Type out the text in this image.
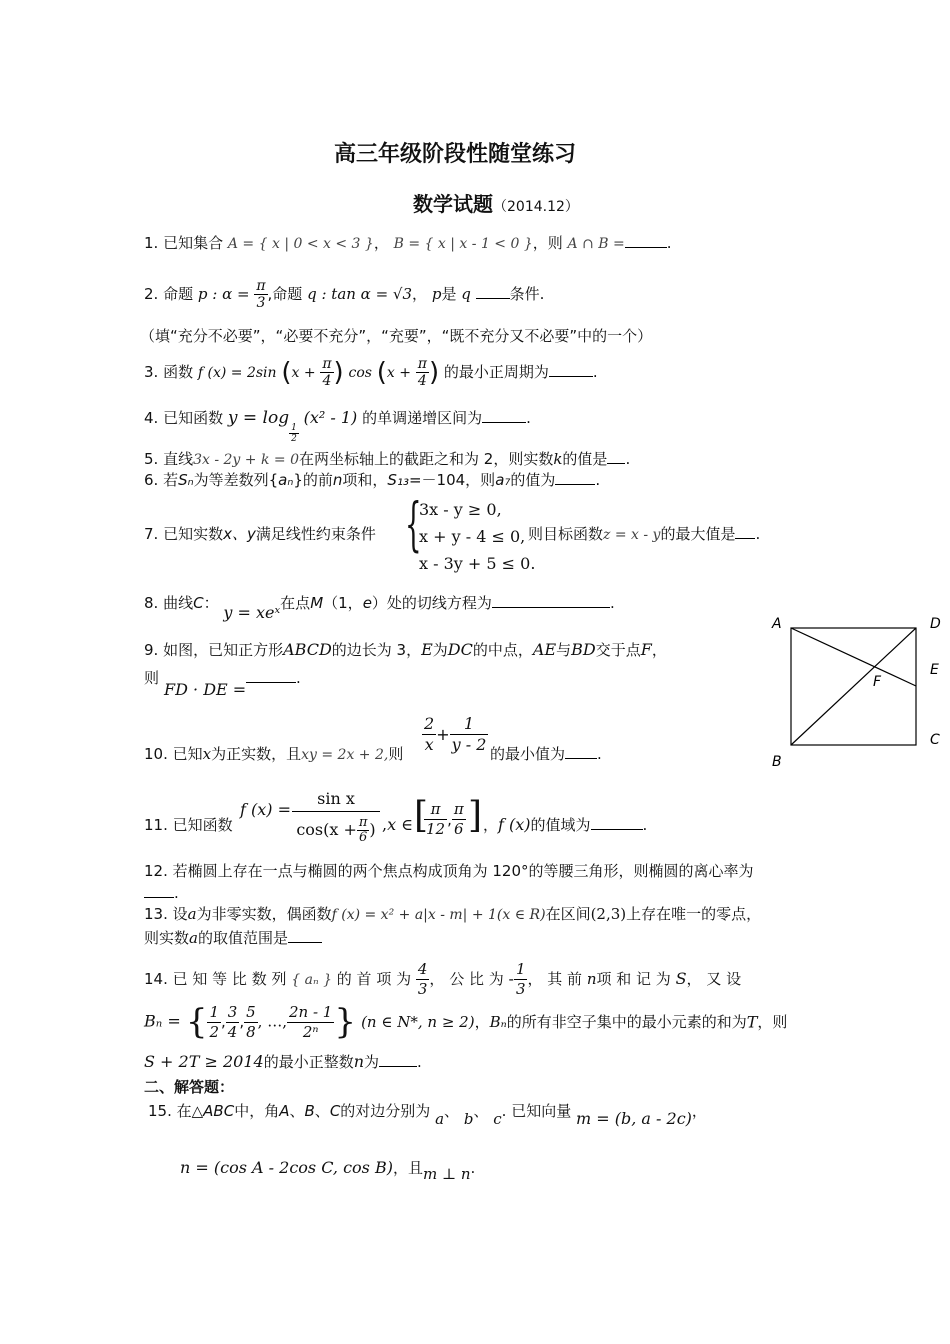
高三年级阶段性随堂练习
数学试题（2014.12）
1. 已知集合 A = { x | 0 < x < 3 }， B = { x | x - 1 < 0 }，则 A ∩ B =	.
2. 命题 p : $\alpha = \frac{\pi}{3}$ ,命题 q : tan α = √3， p是 q	条件.
（填“充分不必要”，“必要不充分”，“充要”，“既不充分又不必要”中的一个）
3. 函数 f (x) = 2sin ($x + \frac{\pi}{4}$ ) $\cos (x + \frac{\pi}{4}$ ) 的最小正周期为	.
4. 已知函数 y = log
$\frac{1}{2}$
(x² - 1) 的单调递增区间为	.
5. 直线3x - 2y + k = 0在两坐标轴上的截距之和为 2，则实数k的值是 .
6. 若Sₙ为等差数列{aₙ}的前n项和，S₁₃=－104，则a₇的值为	.
7. 已知实数x、y满足线性约束条件 {
3x - y ≥ 0,
x + y - 4 ≤ 0,
x - 3y + 5 ≤ 0.
则目标函数z = x - y的最大值是 .
8. 曲线C： y = xeˣ在点M（1，e）处的切线方程为	.
9. 如图，已知正方形ABCD的边长为 3，E为DC的中点，AE与BD交于点F，
则
FD · DE =
.
A	D
E
F
C
B
10. 已知x为正实数，且xy = 2x + 2,则 $\frac{2}{x} + \frac{1}{y - 2}$ 的最小值为 .
11. 已知函数
f $(x) = \frac{\text{sin x}}{\cos(x + \frac{\pi}{6} )} ,x$ ∈ [
$\frac{\pi}{12}$ , $\frac{\pi}{6}$ ] ，f (x)的值域为	.
12. 若椭圆上存在一点与椭圆的两个焦点构成顶角为 120°的等腰三角形，则椭圆的离心率为
.
13. 设a为非零实数，偶函数f (x) = x² + a|x - m| + 1(x ∈ R)在区间(2,3)上存在唯一的零点，
则实数a的取值范围是
14. 已 知 等 比 数 列 { aₙ } 的 首 项 为 $\frac{4}{3}$ ， 公 比 为 - $\frac{1}{3}$ ， 其 前 n项 和 记 为 S， 又 设
Bₙ = { $\frac{1}{2}$ , $\frac{3}{4}$ , $\frac{5}{8}$ , …, $\frac{2n - 1}{\text{2ⁿ}}$ } (n ∈ N*, n ≥ 2)，Bₙ的所有非空子集中的最小元素的和为T，则
S + 2T ≥ 2014的最小正整数n为	.
二、解答题：
15. 在△ABC中，角A、B、C的对边分别为 a、 b、 c. 已知向量 m = (b, a - 2c)，
n = (cos A - 2cos C, cos B)，且m ⊥ n.
